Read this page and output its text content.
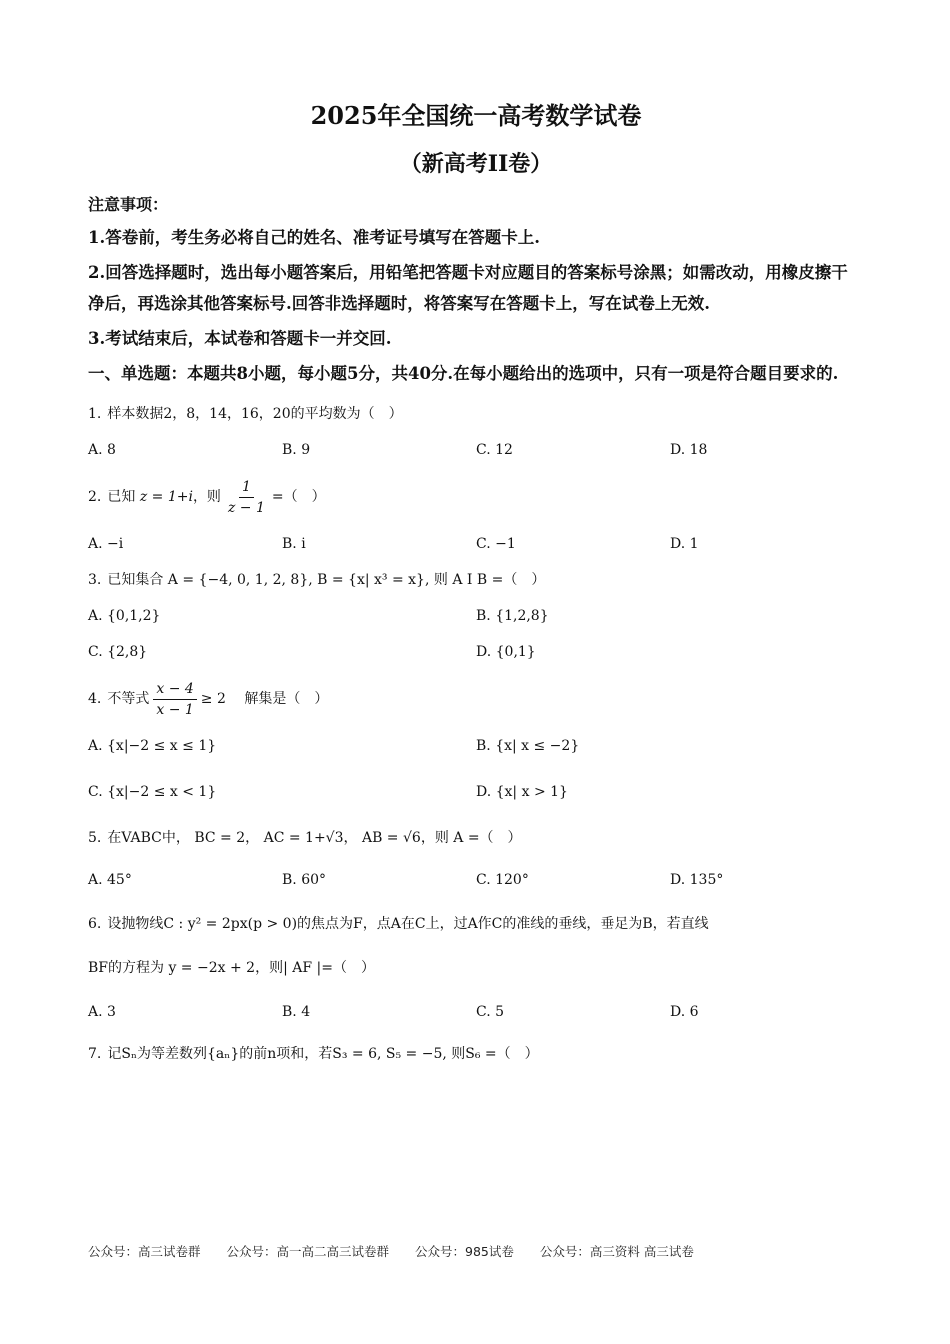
2025年全国统一高考数学试卷
（新高考II卷）
注意事项：
1.答卷前，考生务必将自己的姓名、准考证号填写在答题卡上.
2.回答选择题时，选出每小题答案后，用铅笔把答题卡对应题目的答案标号涂黑；如需改动，用橡皮擦干净后，再选涂其他答案标号.回答非选择题时，将答案写在答题卡上，写在试卷上无效.
3.考试结束后，本试卷和答题卡一并交回.
一、单选题：本题共8小题，每小题5分，共40分.在每小题给出的选项中，只有一项是符合题目要求的.
1. 样本数据2，8，14，16，20的平均数为（　）
A. 8	B. 9	C. 12	D. 18
2. 已知 z = 1+i，则 $\frac{1}{z - 1}$ =（　）
A. −i	B. i	C. −1	D. 1
3. 已知集合 A = {−4, 0, 1, 2, 8}, B = {x| x³ = x}, 则 A I B =（　）
A. {0,1,2}	B. {1,2,8}
C. {2,8}	D. {0,1}
4. 不等式 $\frac{x - 4}{x - 1} \ge 2$　 解集是（　）
A. {x|−2 ≤ x ≤ 1}	B. {x| x ≤ −2}
C. {x|−2 ≤ x < 1}	D. {x| x > 1}
5. 在VABC中， BC = 2， AC = 1+√3， AB = √6，则 A =（　）
A. 45°	B. 60°	C. 120°	D. 135°
6. 设抛物线C : y² = 2px(p > 0)的焦点为F，点A在C上，过A作C的准线的垂线，垂足为B，若直线
BF的方程为 y = −2x + 2，则| AF |=（　）
A. 3	B. 4	C. 5	D. 6
7. 记Sₙ为等差数列{aₙ}的前n项和，若S₃ = 6, S₅ = −5, 则S₆ =（　）
公众号：高三试卷群 公众号：高一高二高三试卷群 公众号：985试卷 公众号：高三资料 高三试卷
